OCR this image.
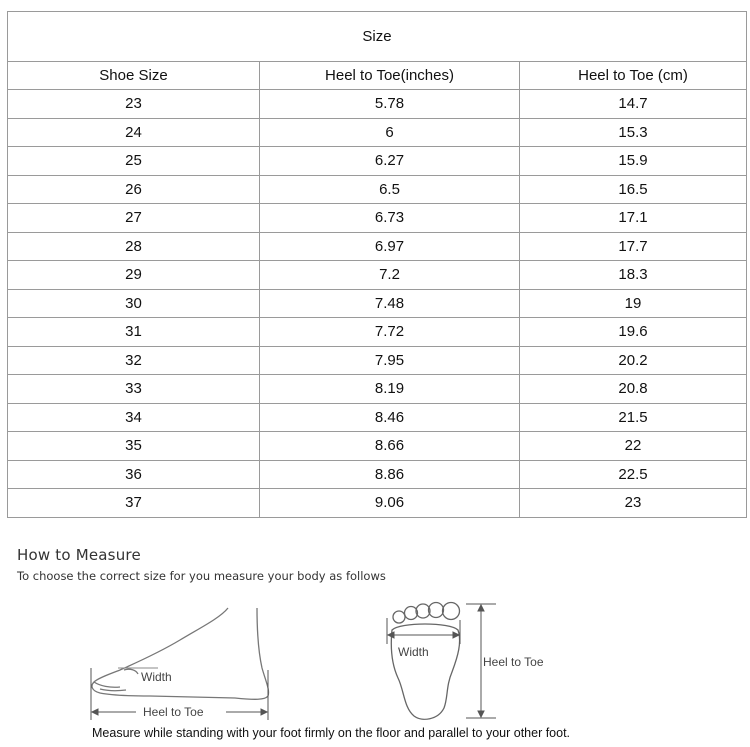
Size		
Shoe Size	Heel to Toe(inches)	Heel to Toe (cm)
23	5.78	14.7
24	6	15.3
25	6.27	15.9
26	6.5	16.5
27	6.73	17.1
28	6.97	17.7
29	7.2	18.3
30	7.48	19
31	7.72	19.6
32	7.95	20.2
33	8.19	20.8
34	8.46	21.5
35	8.66	22
36	8.86	22.5
37	9.06	23
How to Measure
To choose the correct size for you measure your body as follows
Width
Heel to Toe
Width
Heel to Toe
Measure while standing with your foot firmly on the floor and parallel to your other foot.
